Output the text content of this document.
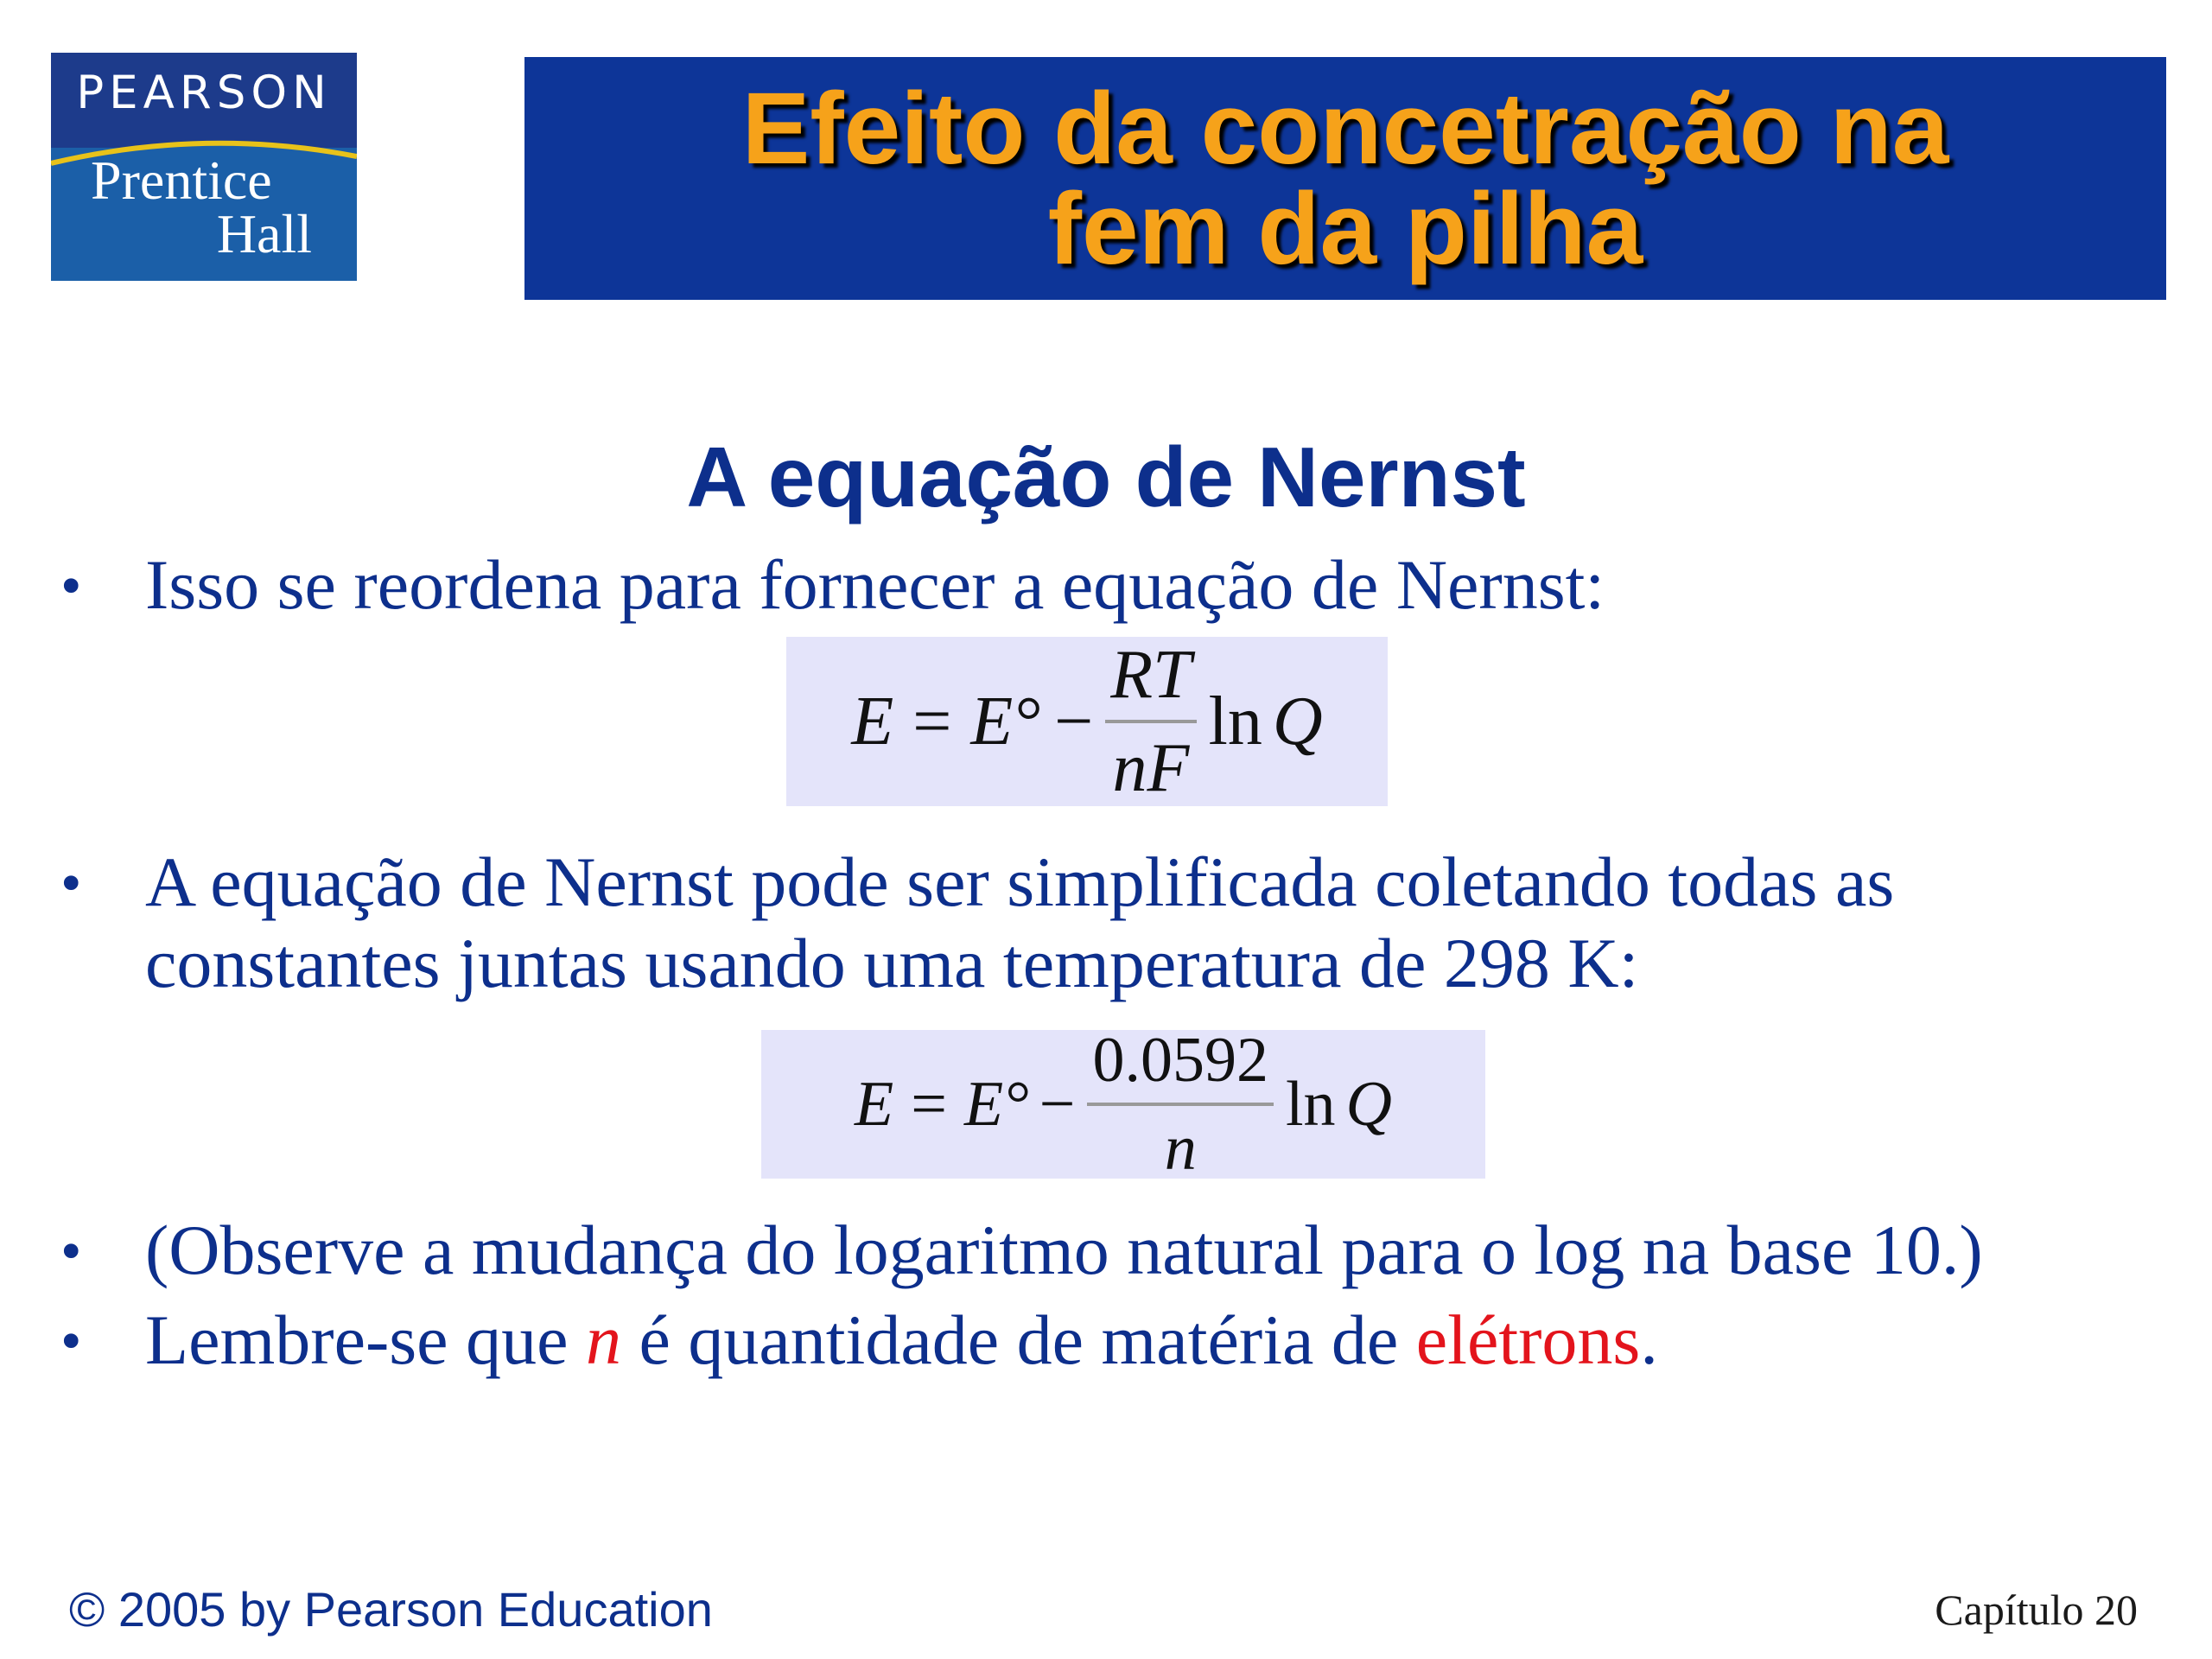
PEARSON
Prentice
Hall
Efeito da concetração na
fem da pilha
A equação de Nernst
• Isso se reordena para fornecer a equação de Nernst:
$E = E^\circ - \frac{RT}{nF}$ ln Q
• A equação de Nernst pode ser simplificada coletando todas as
constantes juntas usando uma temperatura de 298 K:
$E = E^\circ - \frac{0.0592}{n}$ ln Q
• (Observe a mudança do logaritmo natural para o log na base 10.)
• Lembre-se que n é quantidade de matéria de elétrons.
© 2005 by Pearson Education	Capítulo 20
